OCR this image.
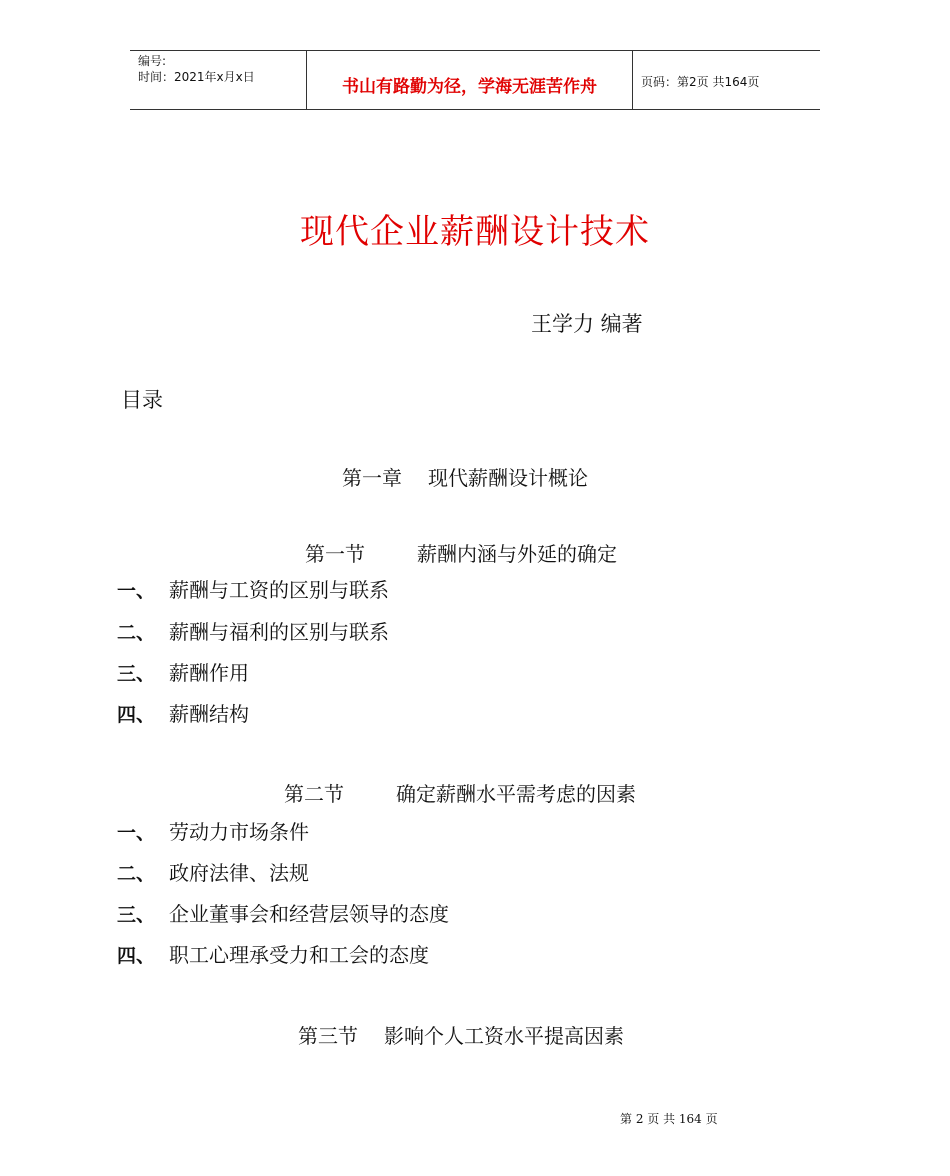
编号:
时间：2021年x月x日	书山有路勤为径，学海无涯苦作舟	页码：第2页 共164页
现代企业薪酬设计技术
王学力 编著
目录
第一章 现代薪酬设计概论
第一节	薪酬内涵与外延的确定
一、 薪酬与工资的区别与联系
二、 薪酬与福利的区别与联系
三、 薪酬作用
四、 薪酬结构
第二节	确定薪酬水平需考虑的因素
一、 劳动力市场条件
二、 政府法律、法规
三、 企业董事会和经营层领导的态度
四、 职工心理承受力和工会的态度
第三节 影响个人工资水平提高因素
第 2 页 共 164 页
